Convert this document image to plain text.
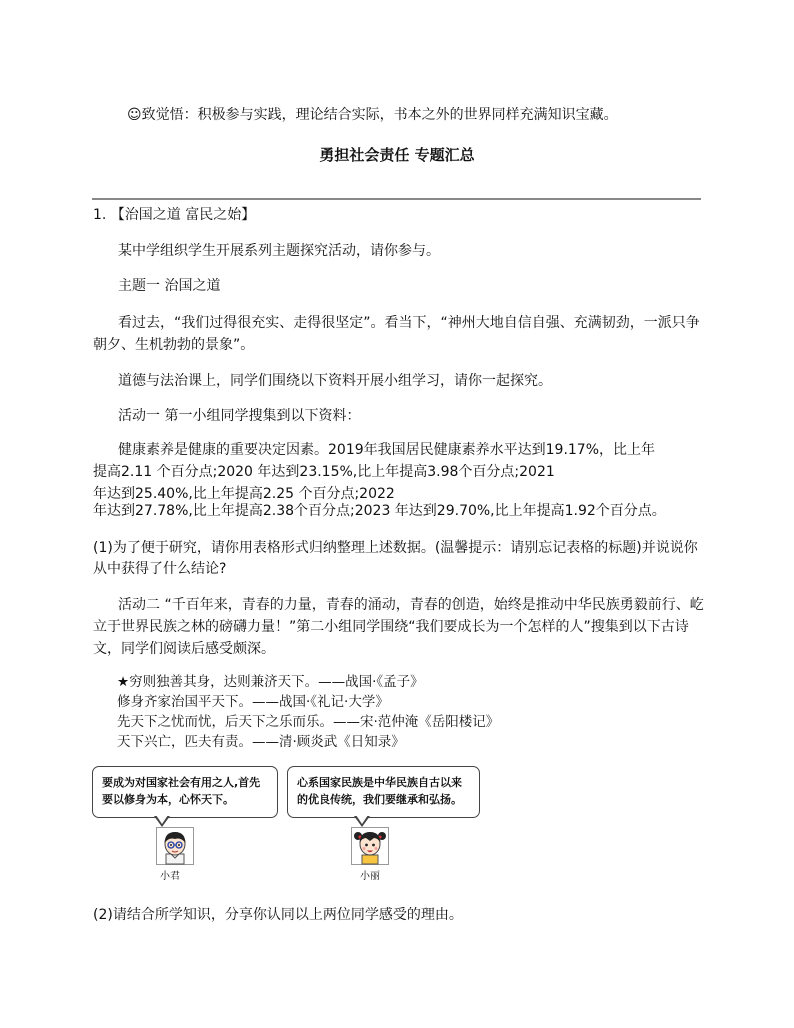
☺致觉悟：积极参与实践，理论结合实际，书本之外的世界同样充满知识宝藏。
勇担社会责任 专题汇总
1. 【治国之道 富民之始】
某中学组织学生开展系列主题探究活动，请你参与。
主题一 治国之道
看过去，“我们过得很充实、走得很坚定”。看当下，“神州大地自信自强、充满韧劲，一派只争朝夕、生机勃勃的景象”。
道德与法治课上，同学们围绕以下资料开展小组学习，请你一起探究。
活动一 第一小组同学搜集到以下资料：
健康素养是健康的重要决定因素。2019年我国居民健康素养水平达到19.17%，比上年
提高2.11 个百分点;2020 年达到23.15%,比上年提高3.98个百分点;2021
年达到25.40%,比上年提高2.25 个百分点;2022
年达到27.78%,比上年提高2.38个百分点;2023 年达到29.70%,比上年提高1.92个百分点。
(1)为了便于研究，请你用表格形式归纳整理上述数据。(温馨提示：请别忘记表格的标题)并说说你从中获得了什么结论?
活动二 “千百年来，青春的力量，青春的涌动，青春的创造，始终是推动中华民族勇毅前行、屹立于世界民族之林的磅礴力量！”第二小组同学围绕“我们要成长为一个怎样的人”搜集到以下古诗文，同学们阅读后感受颇深。
★穷则独善其身，达则兼济天下。——战国·《孟子》
修身齐家治国平天下。——战国·《礼记·大学》
先天下之忧而忧，后天下之乐而乐。——宋·范仲淹《岳阳楼记》
天下兴亡，匹夫有责。——清·顾炎武《日知录》
要成为对国家社会有用之人,首先要以修身为本，心怀天下。
心系国家民族是中华民族自古以来的优良传统，我们要继承和弘扬。
小君	小丽
(2)请结合所学知识，分享你认同以上两位同学感受的理由。
